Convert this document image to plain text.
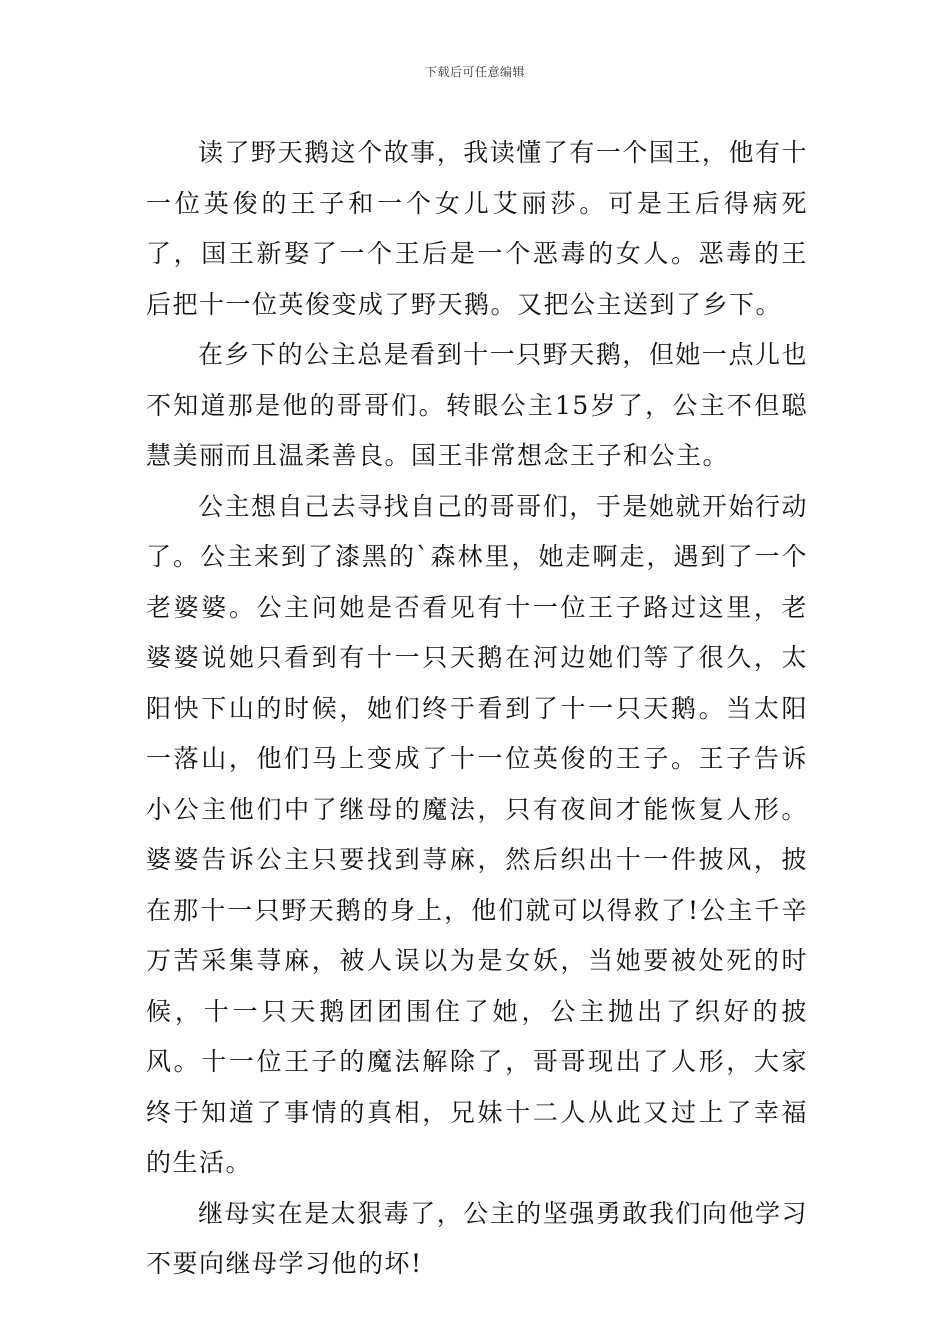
下载后可任意编辑

读了野天鹅这个故事，我读懂了有一个国王，他有十一位英俊的王子和一个女儿艾丽莎。可是王后得病死了，国王新娶了一个王后是一个恶毒的女人。恶毒的王后把十一位英俊变成了野天鹅。又把公主送到了乡下。

在乡下的公主总是看到十一只野天鹅，但她一点儿也不知道那是他的哥哥们。转眼公主15岁了，公主不但聪慧美丽而且温柔善良。国王非常想念王子和公主。

公主想自己去寻找自己的哥哥们，于是她就开始行动了。公主来到了漆黑的`森林里，她走啊走，遇到了一个老婆婆。公主问她是否看见有十一位王子路过这里，老婆婆说她只看到有十一只天鹅在河边她们等了很久，太阳快下山的时候，她们终于看到了十一只天鹅。当太阳一落山，他们马上变成了十一位英俊的王子。王子告诉小公主他们中了继母的魔法，只有夜间才能恢复人形。婆婆告诉公主只要找到荨麻，然后织出十一件披风，披在那十一只野天鹅的身上，他们就可以得救了!公主千辛万苦采集荨麻，被人误以为是女妖，当她要被处死的时候，十一只天鹅团团围住了她，公主抛出了织好的披风。十一位王子的魔法解除了，哥哥现出了人形，大家终于知道了事情的真相，兄妹十二人从此又过上了幸福的生活。

继母实在是太狠毒了，公主的坚强勇敢我们向他学习不要向继母学习他的坏!
